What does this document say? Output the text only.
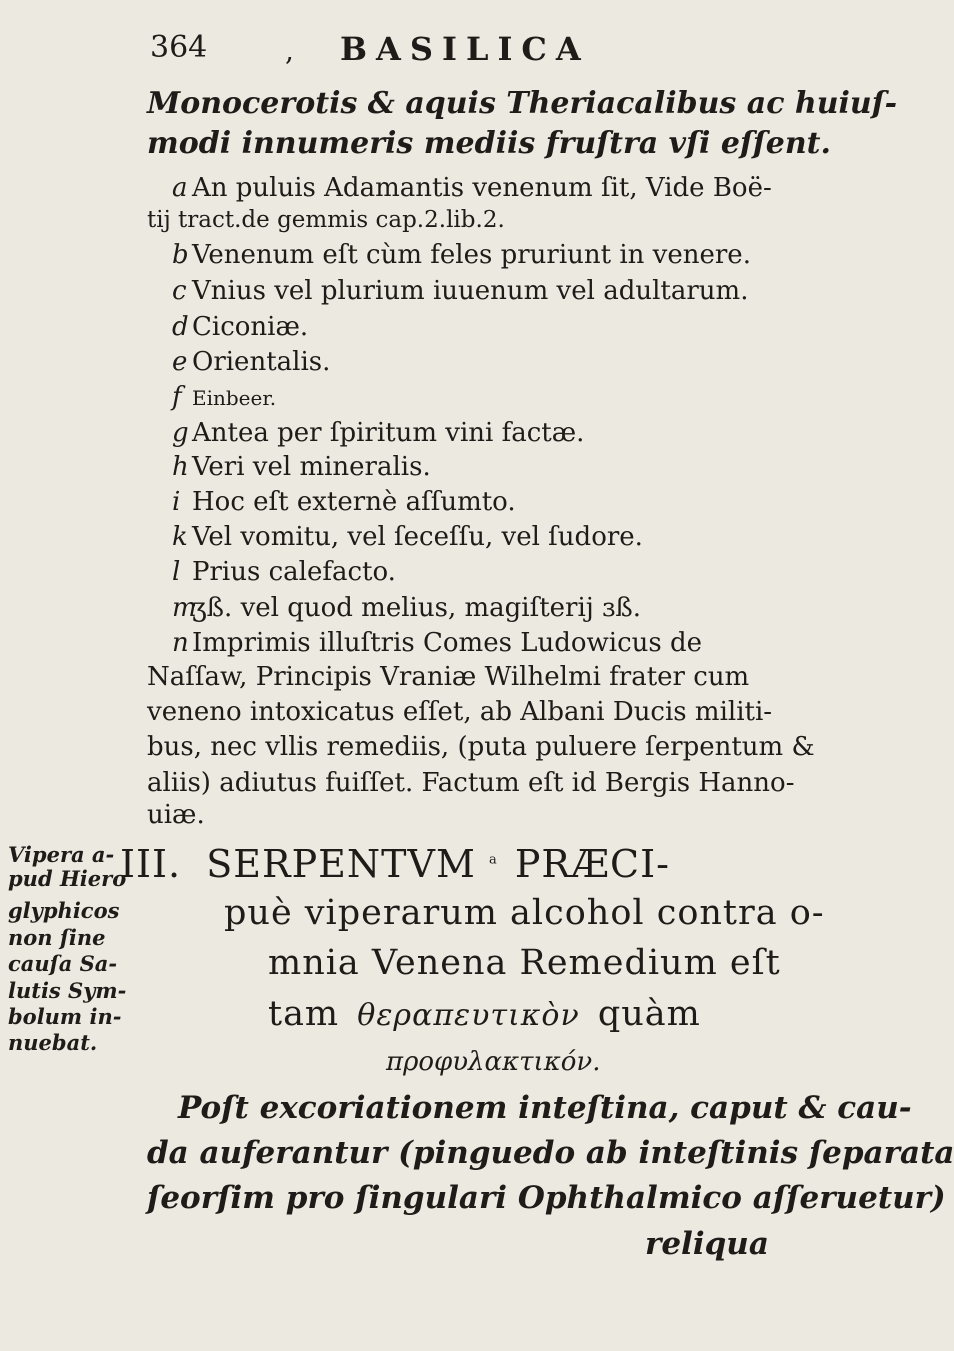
364	, BASILICA
Monocerotis & aquis Theriacalibus ac huiuſ-
modi innumeris mediis fruſtra vſi eſſent.
a An puluis Adamantis venenum ſit, Vide Boë-
tij tract.de gemmis cap.2.lib.2.
b Venenum eſt cùm feles pruriunt in venere.
c Vnius vel plurium iuuenum vel adultarum.
d Ciconiæ.
e Orientalis.
f Einbeer.
g Antea per ſpiritum vini factæ.
h Veri vel mineralis.
i Hoc eſt externè aſſumto.
k Vel vomitu, vel ſeceſſu, vel ſudore.
l Prius calefacto.
mʒß. vel quod melius, magiſterij ɜß.
n Imprimis illuſtris Comes Ludowicus de
Naſſaw, Principis Vraniæ Wilhelmi frater cum
veneno intoxicatus eſſet, ab Albani Ducis militi-
bus, nec vllis remediis, (puta puluere ſerpentum &
aliis) adiutus fuiſſet. Factum eſt id Bergis Hanno-
uiæ.
Vipera a-
pud Hiero
glyphicos
non ſine
cauſa Sa-
lutis Sym-
bolum in-
nuebat.
III. SERPENTVM $^a$ PRÆCI-
puè viperarum alcohol contra o-
mnia Venena Remedium eſt
tam θεραπευτικὸν quàm
προφυλακτικόν.
Poſt excoriationem inteſtina, caput & cau-
da auferantur (pinguedo ab inteſtinis ſeparata
ſeorſim pro ſingulari Ophthalmico aſſeruetur)
reliqua
